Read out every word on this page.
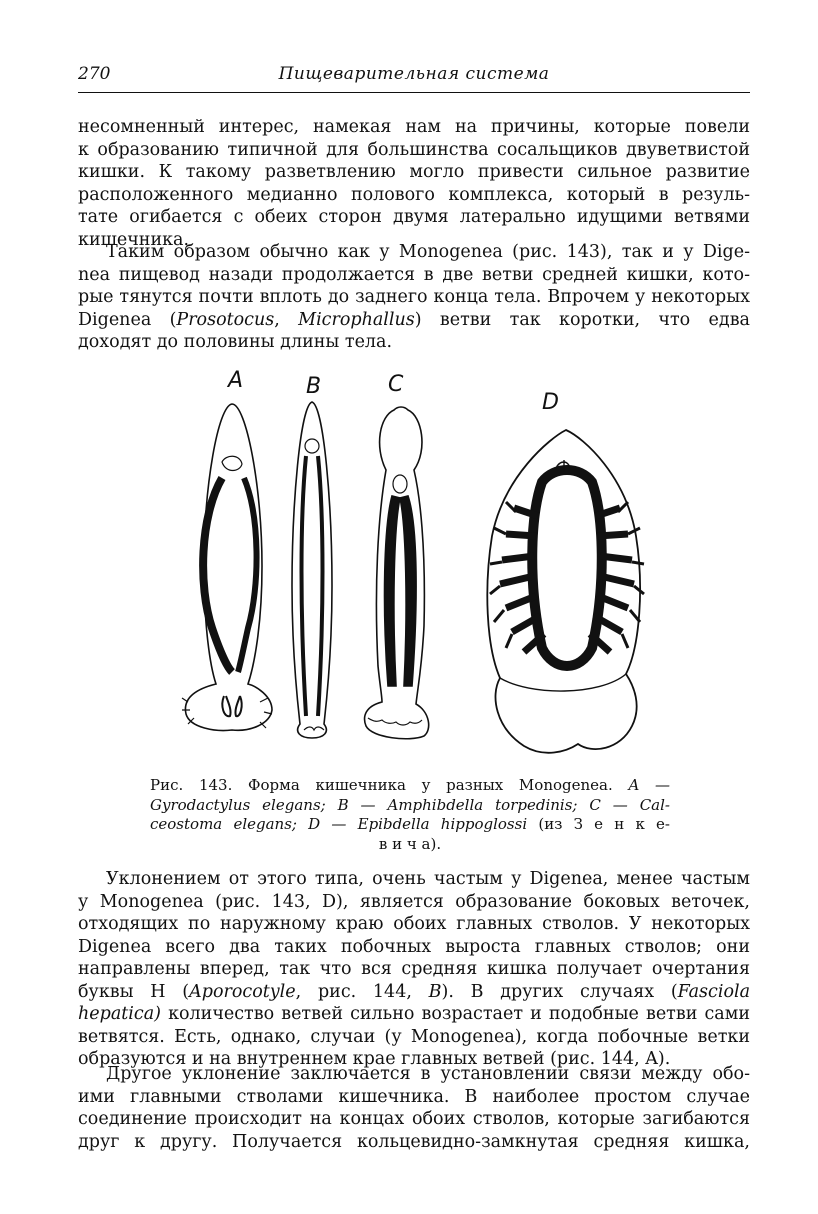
270	Пищеварительная система
несомненный интерес, намекая нам на причины, которые повели
к образованию типичной для большинства сосальщиков двуветвистой
кишки. К такому разветвлению могло привести сильное развитие
расположенного медианно полового комплекса, который в резуль-
тате огибается с обеих сторон двумя латерально идущими ветвями
кишечника.
Таким образом обычно как у Monogenea (рис. 143), так и у Dige-
nea пищевод назади продолжается в две ветви средней кишки, кото-
рые тянутся почти вплоть до заднего конца тела. Впрочем у некоторых
Digenea (Prosotocus, Microphallus) ветви так коротки, что едва
доходят до половины длины тела.
A	B	C
D
Рис. 143. Форма кишечника у разных Monogenea. A —
Gyrodactylus elegans; B — Amphibdella torpedinis; C — Cal-
ceostoma elegans; D — Epibdella hippoglossi (из З е н к е-
в и ч а).
Уклонением от этого типа, очень частым у Digenea, менее частым
у Monogenea (рис. 143, D), является образование боковых веточек,
отходящих по наружному краю обоих главных стволов. У некоторых
Digenea всего два таких побочных выроста главных стволов; они
направлены вперед, так что вся средняя кишка получает очертания
буквы Н (Aporocotyle, рис. 144, B). В других случаях (Fasciola
hepatica) количество ветвей сильно возрастает и подобные ветви сами
ветвятся. Есть, однако, случаи (у Monogenea), когда побочные ветки
образуются и на внутреннем крае главных ветвей (рис. 144, A).
Другое уклонение заключается в установлении связи между обо-
ими главными стволами кишечника. В наиболее простом случае
соединение происходит на концах обоих стволов, которые загибаются
друг к другу. Получается кольцевидно-замкнутая средняя кишка,
